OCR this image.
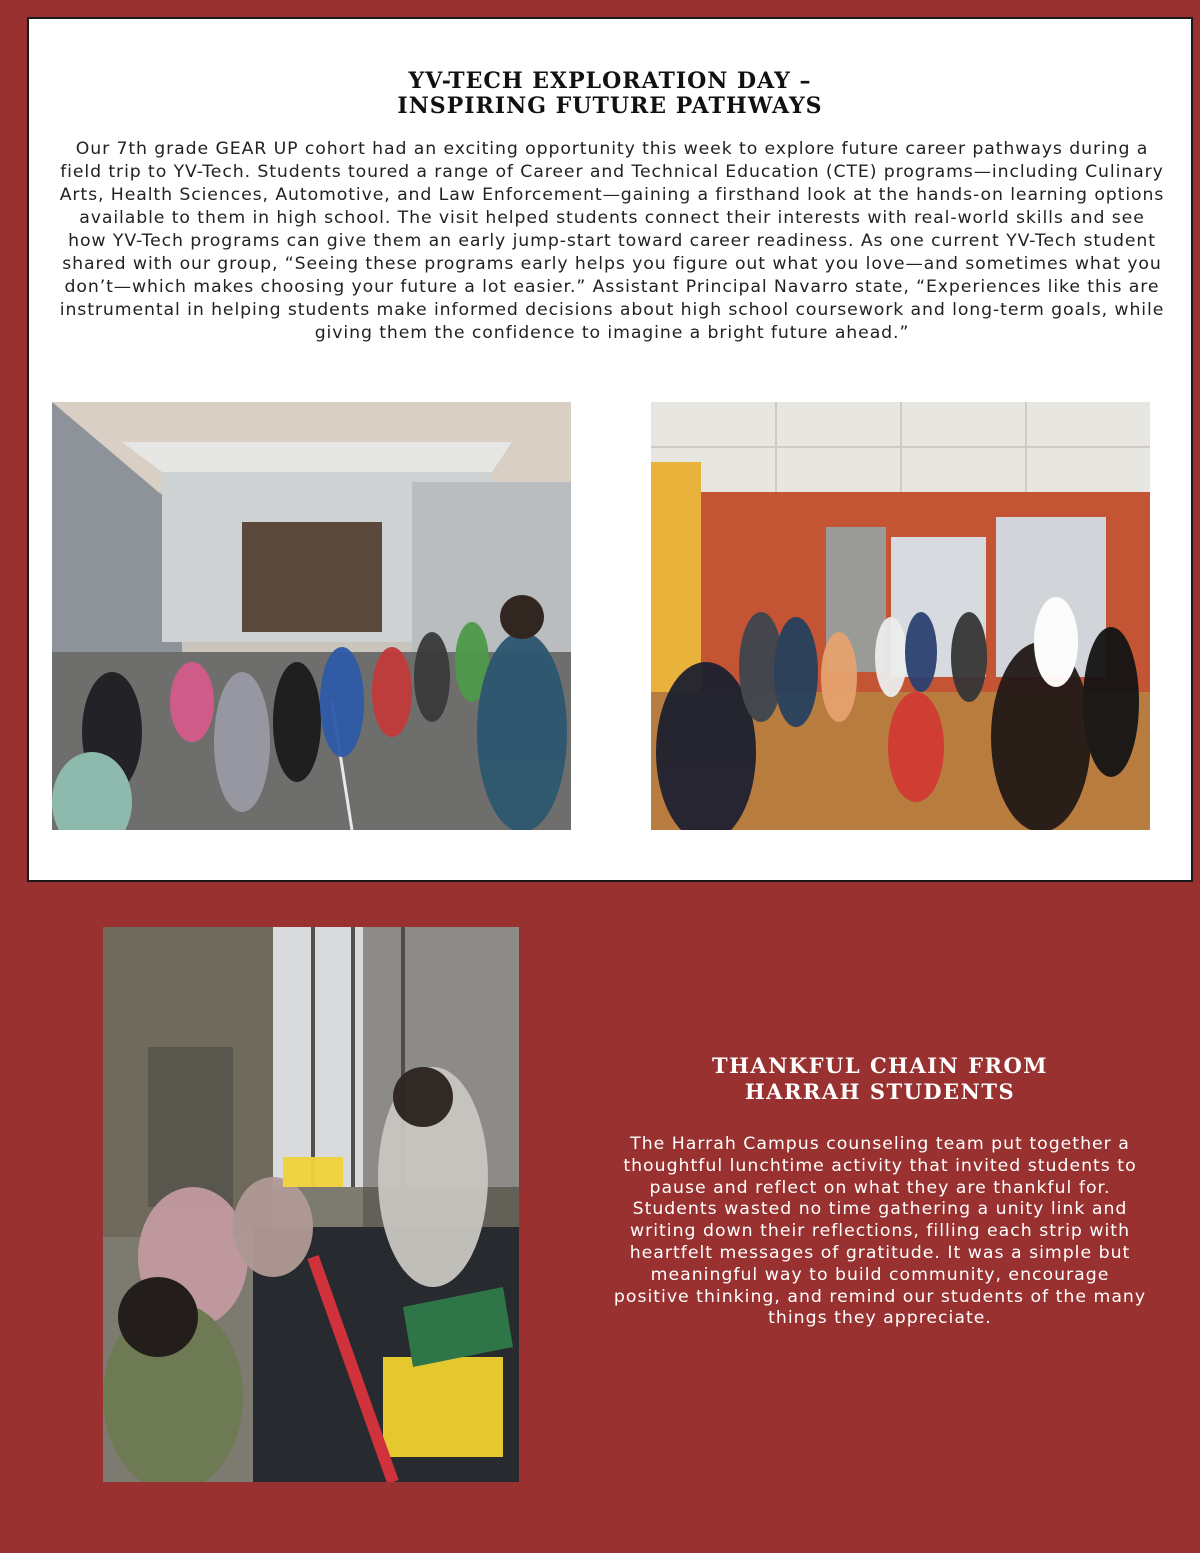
YV-TECH EXPLORATION DAY –
INSPIRING FUTURE PATHWAYS

Our 7th grade GEAR UP cohort had an exciting opportunity this week to explore future career pathways during a field trip to YV-Tech. Students toured a range of Career and Technical Education (CTE) programs—including Culinary Arts, Health Sciences, Automotive, and Law Enforcement—gaining a firsthand look at the hands-on learning options available to them in high school. The visit helped students connect their interests with real-world skills and see how YV-Tech programs can give them an early jump-start toward career readiness. As one current YV-Tech student shared with our group, “Seeing these programs early helps you figure out what you love—and sometimes what you don’t—which makes choosing your future a lot easier.” Assistant Principal Navarro state, “Experiences like this are instrumental in helping students make informed decisions about high school coursework and long-term goals, while giving them the confidence to imagine a bright future ahead.”

THANKFUL CHAIN FROM
HARRAH STUDENTS

The Harrah Campus counseling team put together a thoughtful lunchtime activity that invited students to pause and reflect on what they are thankful for. Students wasted no time gathering a unity link and writing down their reflections, filling each strip with heartfelt messages of gratitude. It was a simple but meaningful way to build community, encourage positive thinking, and remind our students of the many things they appreciate.
